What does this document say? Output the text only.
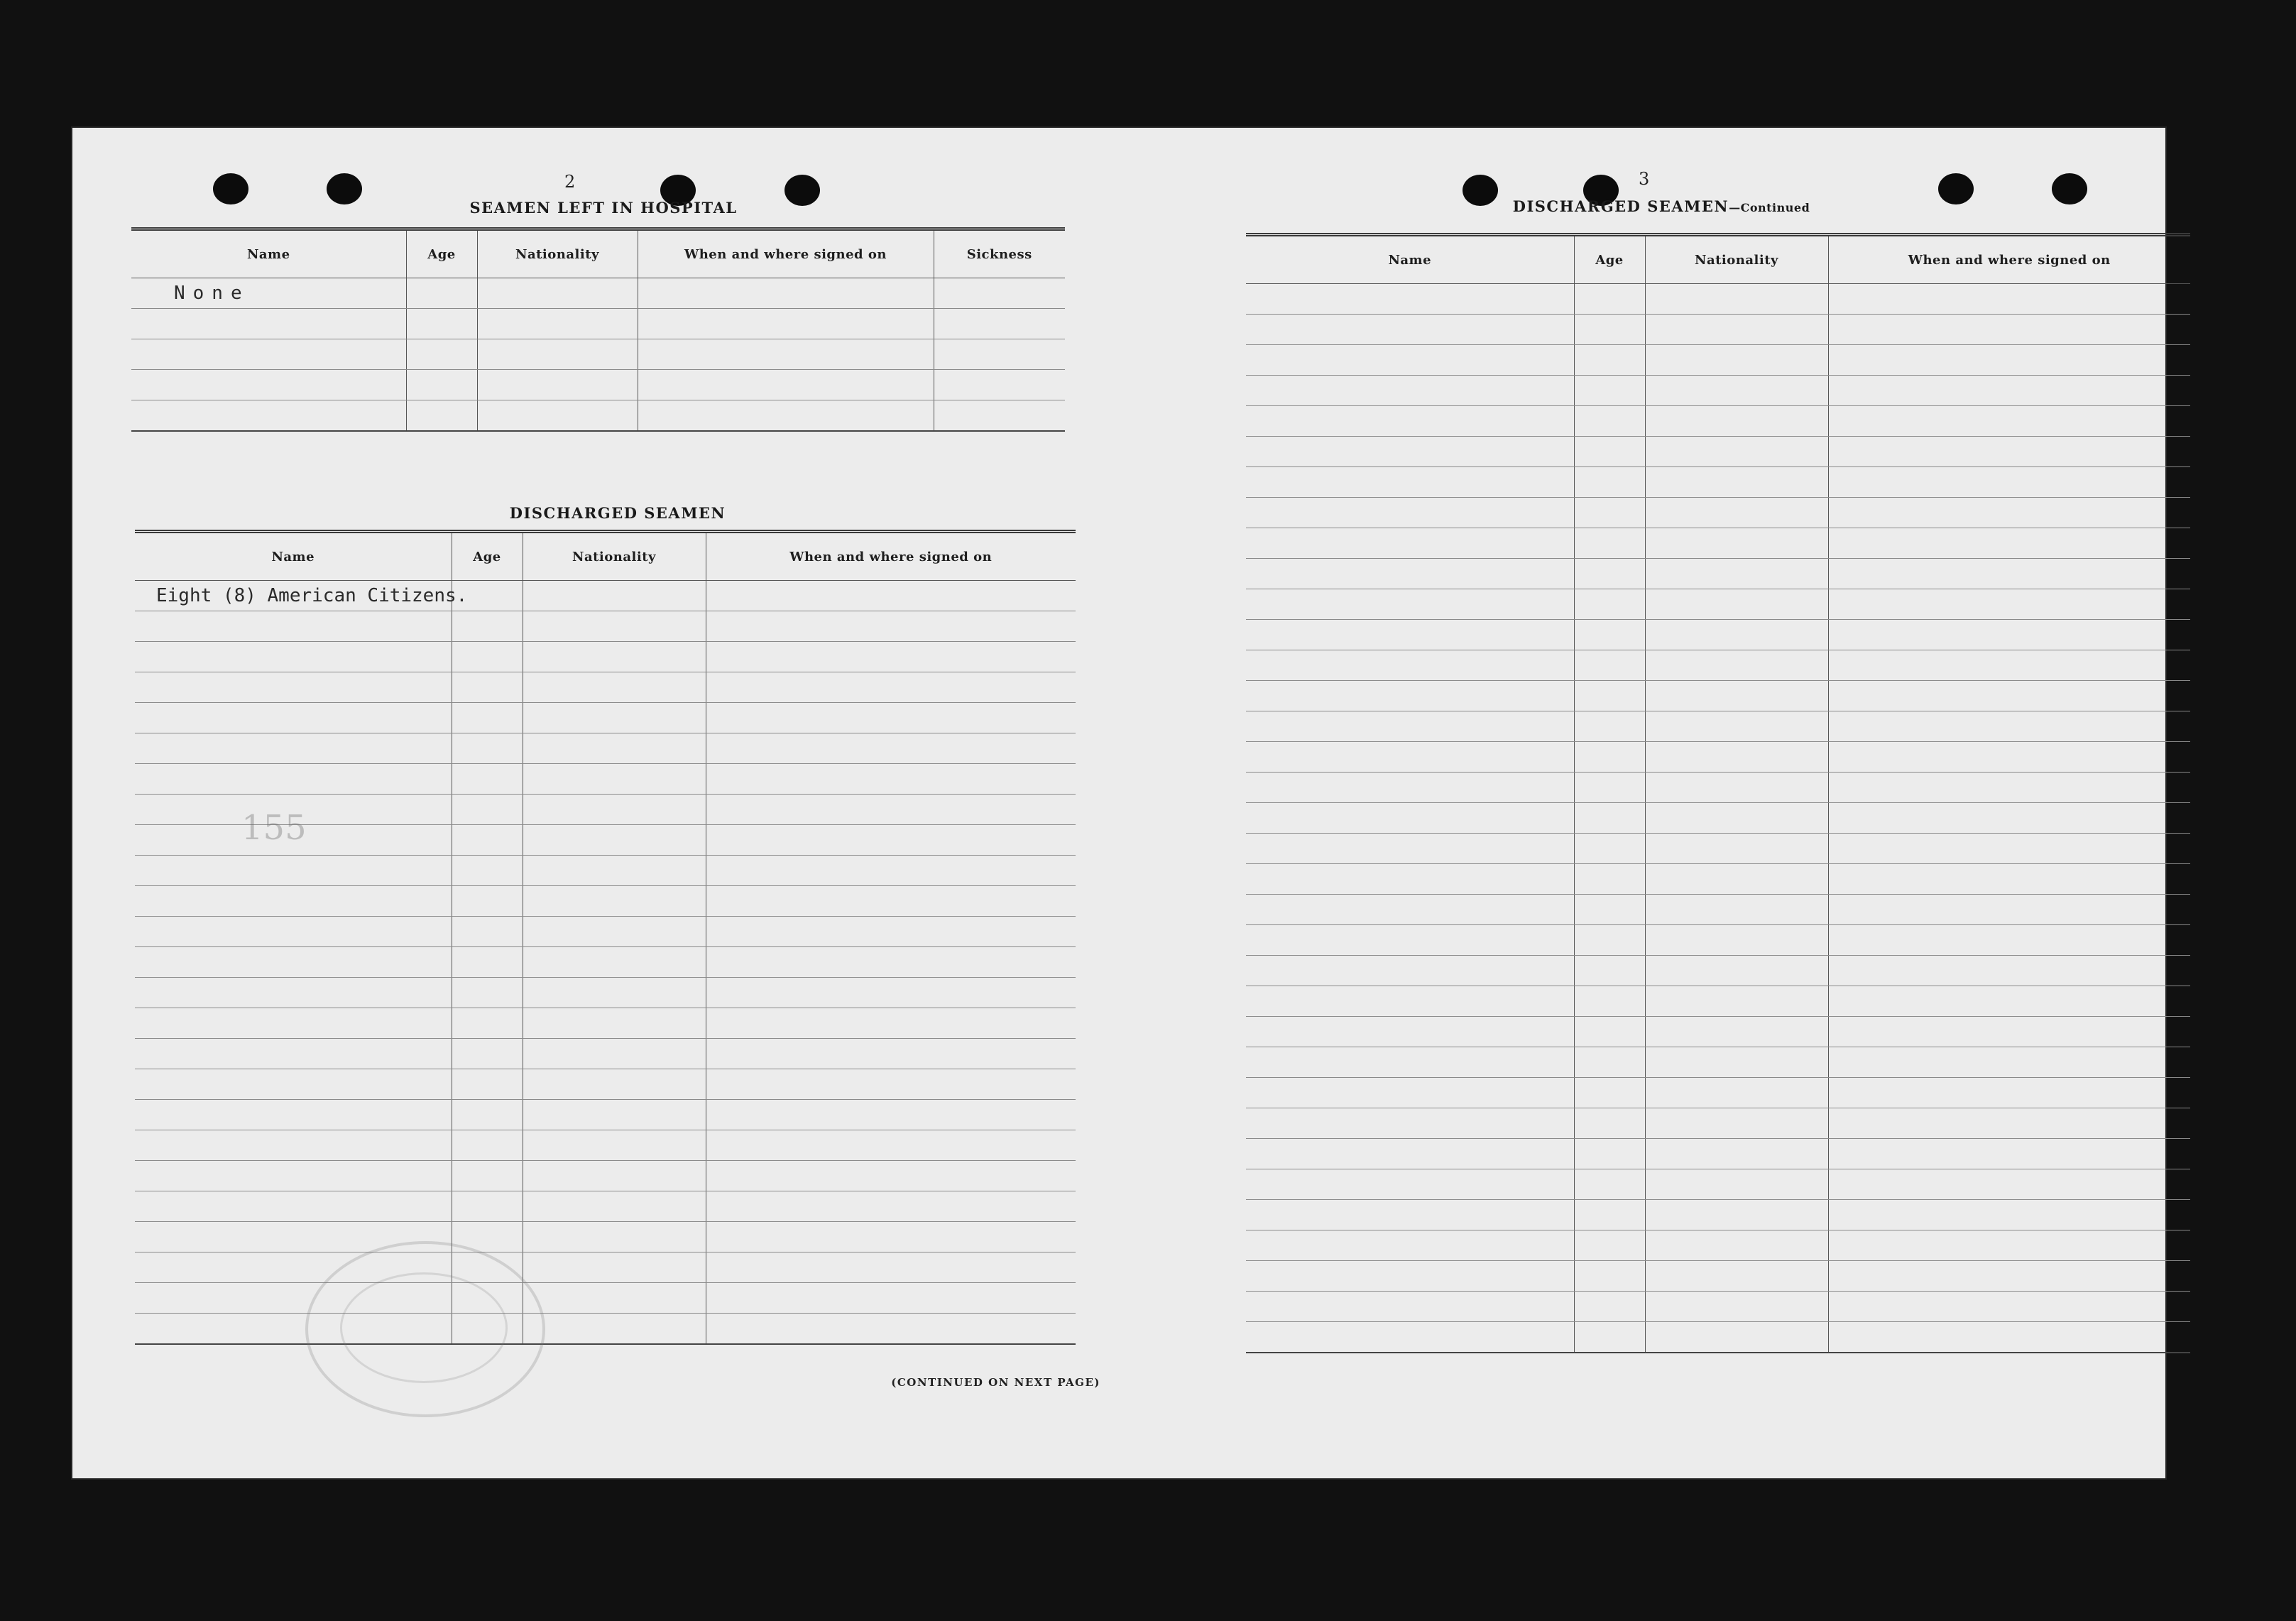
2
SEAMEN LEFT IN HOSPITAL
Name	Age	Nationality	When and where signed on	Sickness
None				

DISCHARGED SEAMEN
Name	Age	Nationality	When and where signed on
Eight (8) American Citizens.			

155
(CONTINUED ON NEXT PAGE)
3
DISCHARGED SEAMEN—Continued
Name	Age	Nationality	When and where signed on
